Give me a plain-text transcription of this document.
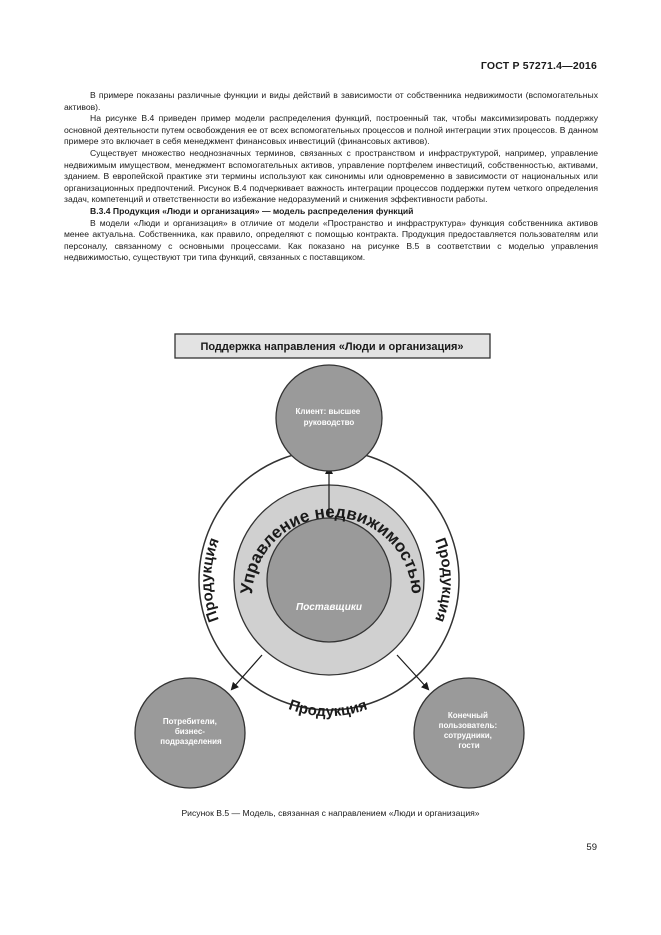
ГОСТ Р 57271.4—2016

В примере показаны различные функции и виды действий в зависимости от собственника недвижимости (вспомогательных активов).

На рисунке В.4 приведен пример модели распределения функций, построенный так, чтобы максимизировать поддержку основной деятельности путем освобождения ее от всех вспомогательных процессов и полной интеграции этих процессов. В данном примере это включает в себя менеджмент финансовых инвестиций (финансовых активов).

Существует множество неоднозначных терминов, связанных с пространством и инфраструктурой, например, управление недвижимым имуществом, менеджмент вспомогательных активов, управление портфелем инвестиций, собственностью, активами, зданием. В европейской практике эти термины используют как синонимы или одновременно в зависимости от национальных или организационных предпочтений. Рисунок В.4 подчеркивает важность интеграции процессов поддержки путем четкого определения задач, компетенций и ответственности во избежание недоразумений и снижения эффективности работы.

В.3.4 Продукция «Люди и организация» — модель распределения функций

В модели «Люди и организация» в отличие от модели «Пространство и инфраструктура» функция собственника активов менее актуальна. Собственника, как правило, определяют с помощью контракта. Продукция предоставляется пользователям или персоналу, связанному с основными процессами. Как показано на рисунке В.5 в соответствии с моделью управления недвижимостью, существуют три типа функций, связанных с поставщиком.

Поддержка направления «Люди и организация»
Поставщики
Клиент: высшее руководство
Потребители, бизнес- подразделения
Конечный пользователь: сотрудники, гости
Продукция	Продукция
Продукция
Управление недвижимостью
Рисунок В.5 — Модель, связанная с направлением «Люди и организация»
59
